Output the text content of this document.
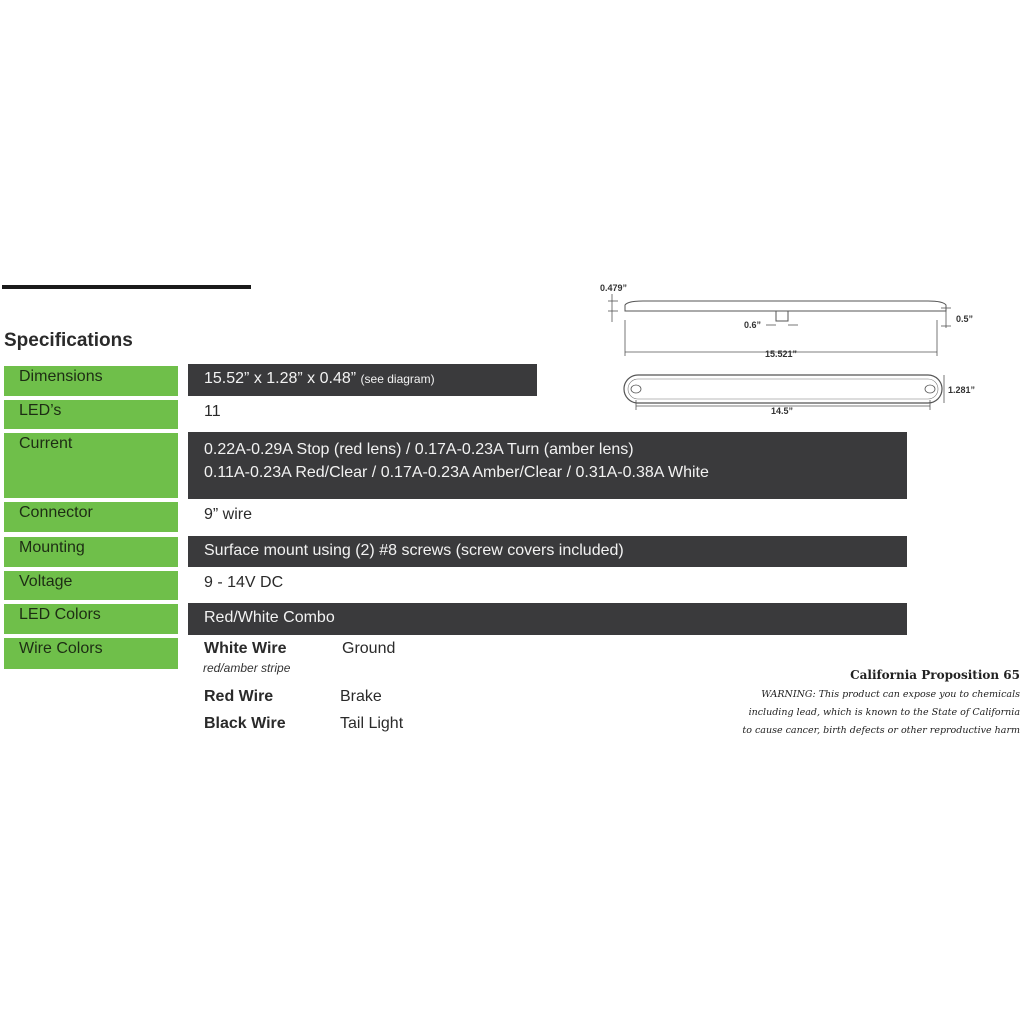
Specifications
Dimensions
LED’s
Current
Connector
Mounting
Voltage
LED Colors
Wire Colors
15.52” x 1.28” x 0.48” (see diagram)
11
0.22A-0.29A Stop (red lens) / 0.17A-0.23A Turn (amber lens)
0.11A-0.23A Red/Clear / 0.17A-0.23A Amber/Clear / 0.31A-0.38A White
9” wire
Surface mount using (2) #8 screws (screw covers included)
9 - 14V DC
Red/White Combo
White Wire
red/amber stripe
Ground
Red Wire	Brake
Black Wire	Tail Light
California Proposition 65
WARNING: This product can expose you to chemicals
including lead, which is known to the State of California
to cause cancer, birth defects or other reproductive harm
0.479”
0.5”
0.6”
15.521”
1.281”
14.5”
